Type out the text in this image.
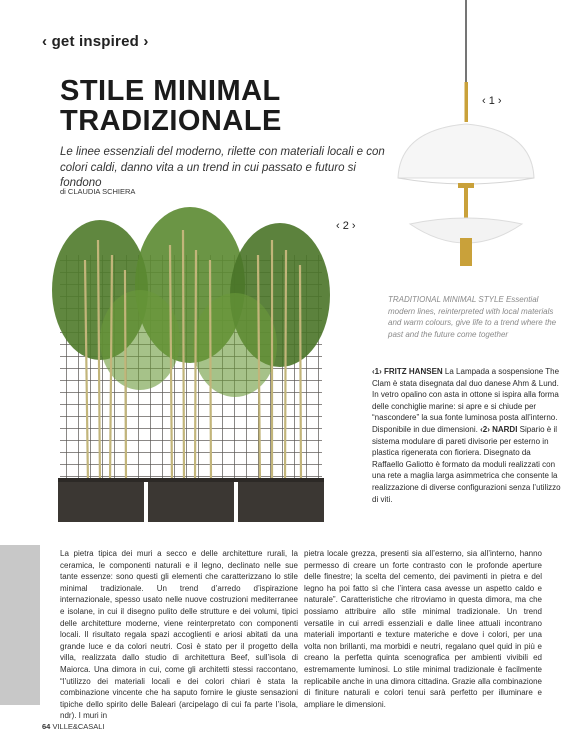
‹ get inspired ›
STILE MINIMAL
TRADIZIONALE
Le linee essenziali del moderno, rilette con materiali locali e con colori caldi, danno vita a un trend in cui passato e futuro si fondono
di CLAUDIA SCHIERA
‹ 1 ›
‹ 2 ›
TRADITIONAL MINIMAL STYLE Essential modern lines, reinterpreted with local materials and warm colours, give life to a trend where the past and the future come together
‹1› FRITZ HANSEN La Lampada a sospensione The Clam è stata disegnata dal duo danese Ahm & Lund. In vetro opalino con asta in ottone si ispira alla forma delle conchiglie marine: si apre e si chiude per “nascondere” la sua fonte luminosa posta all’interno. Disponibile in due dimensioni. ‹2› NARDI Sipario è il sistema modulare di pareti divisorie per esterno in plastica rigenerata con fioriera. Disegnato da Raffaello Galiotto è formato da moduli realizzati con una rete a maglia larga asimmetrica che consente la realizzazione di diverse configurazioni senza l’utilizzo di viti.
La pietra tipica dei muri a secco e delle architetture rurali, la ceramica, le componenti naturali e il legno, declinato nelle sue tante essenze: sono questi gli elementi che caratterizzano lo stile minimal tradizionale. Un trend d’arredo d’ispirazione internazionale, spesso usato nelle nuove costruzioni mediterranee e isolane, in cui il disegno pulito delle strutture e dei volumi, tipici delle architetture moderne, viene reinterpretato con componenti locali. Il risultato regala spazi accoglienti e ariosi abitati da una grande luce e da colori neutri. Così è stato per il progetto della villa, realizzata dallo studio di architettura Beef, sull’isola di Maiorca. Una dimora in cui, come gli architetti stessi raccontano, “l’utilizzo dei materiali locali e dei colori chiari è stata la combinazione vincente che ha saputo fornire le giuste sensazioni tipiche dello spirito delle Baleari (arcipelago di cui fa parte l’isola, ndr). I muri in
pietra locale grezza, presenti sia all’esterno, sia all’interno, hanno permesso di creare un forte contrasto con le profonde aperture delle finestre; la scelta del cemento, dei pavimenti in pietra e del legno ha poi fatto sì che l’intera casa avesse un aspetto caldo e naturale”. Caratteristiche che ritroviamo in questa dimora, ma che possiamo attribuire allo stile minimal tradizionale. Un trend versatile in cui arredi essenziali e dalle linee attuali incontrano materiali importanti e texture materiche e dove i colori, per una volta non brillanti, ma morbidi e neutri, regalano quel quid in più e creano la perfetta quinta scenografica per ambienti vivibili ed estremamente luminosi. Lo stile minimal tradizionale è facilmente replicabile anche in una dimora cittadina. Grazie alla combinazione di finiture naturali e colori tenui sarà perfetto per illuminare e ampliare le dimensioni.
64 VILLE&CASALI
